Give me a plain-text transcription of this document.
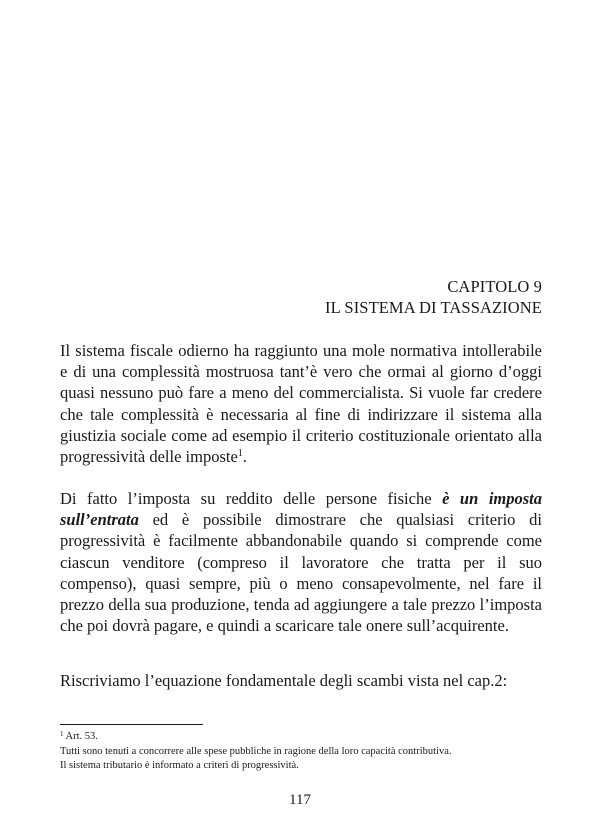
CAPITOLO 9
IL SISTEMA DI TASSAZIONE

Il sistema fiscale odierno ha raggiunto una mole normativa intollerabile e di una complessità mostruosa tant’è vero che ormai al giorno d’oggi quasi nessuno può fare a meno del commercialista. Si vuole far credere che tale complessità è necessaria al fine di indirizzare il sistema alla giustizia sociale come ad esempio il criterio costituzionale orientato alla progressività delle imposte$^1$.

Di fatto l’imposta su reddito delle persone fisiche è un imposta sull’entrata ed è possibile dimostrare che qualsiasi criterio di progressività è facilmente abbandonabile quando si comprende come ciascun venditore (compreso il lavoratore che tratta per il suo compenso), quasi sempre, più o meno consapevolmente, nel fare il prezzo della sua produzione, tenda ad aggiungere a tale prezzo l’imposta che poi dovrà pagare, e quindi a scaricare tale onere sull’acquirente.

Riscriviamo l’equazione fondamentale degli scambi vista nel cap.2:

$^1$ Art. 53.
Tutti sono tenuti a concorrere alle spese pubbliche in ragione della loro capacità contributiva.
Il sistema tributario è informato a criteri di progressività.
117
